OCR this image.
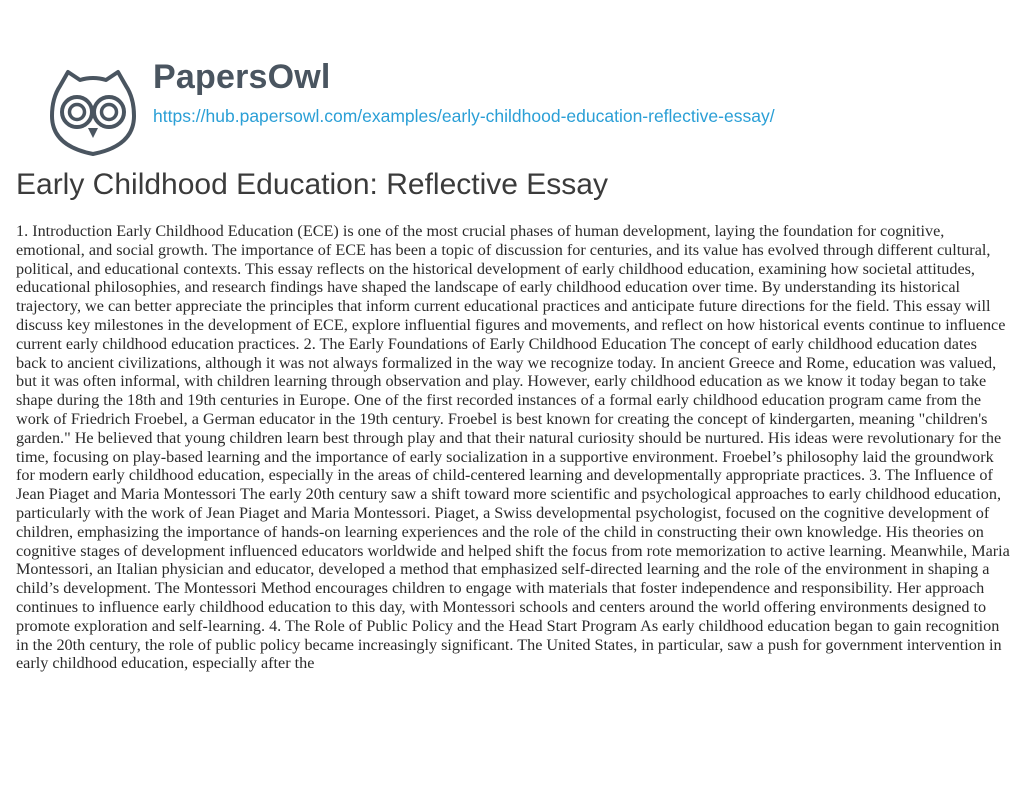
PapersOwl
https://hub.papersowl.com/examples/early-childhood-education-reflective-essay/
Early Childhood Education: Reflective Essay

1. Introduction Early Childhood Education (ECE) is one of the most crucial phases of human development, laying the foundation for cognitive, emotional, and social growth. The importance of ECE has been a topic of discussion for centuries, and its value has evolved through different cultural, political, and educational contexts. This essay reflects on the historical development of early childhood education, examining how societal attitudes, educational philosophies, and research findings have shaped the landscape of early childhood education over time. By understanding its historical trajectory, we can better appreciate the principles that inform current educational practices and anticipate future directions for the field. This essay will discuss key milestones in the development of ECE, explore influential figures and movements, and reflect on how historical events continue to influence current early childhood education practices. 2. The Early Foundations of Early Childhood Education The concept of early childhood education dates back to ancient civilizations, although it was not always formalized in the way we recognize today. In ancient Greece and Rome, education was valued, but it was often informal, with children learning through observation and play. However, early childhood education as we know it today began to take shape during the 18th and 19th centuries in Europe. One of the first recorded instances of a formal early childhood education program came from the work of Friedrich Froebel, a German educator in the 19th century. Froebel is best known for creating the concept of kindergarten, meaning "children's garden." He believed that young children learn best through play and that their natural curiosity should be nurtured. His ideas were revolutionary for the time, focusing on play-based learning and the importance of early socialization in a supportive environment. Froebel’s philosophy laid the groundwork for modern early childhood education, especially in the areas of child-centered learning and developmentally appropriate practices. 3. The Influence of Jean Piaget and Maria Montessori The early 20th century saw a shift toward more scientific and psychological approaches to early childhood education, particularly with the work of Jean Piaget and Maria Montessori. Piaget, a Swiss developmental psychologist, focused on the cognitive development of children, emphasizing the importance of hands-on learning experiences and the role of the child in constructing their own knowledge. His theories on cognitive stages of development influenced educators worldwide and helped shift the focus from rote memorization to active learning. Meanwhile, Maria Montessori, an Italian physician and educator, developed a method that emphasized self-directed learning and the role of the environment in shaping a child’s development. The Montessori Method encourages children to engage with materials that foster independence and responsibility. Her approach continues to influence early childhood education to this day, with Montessori schools and centers around the world offering environments designed to promote exploration and self-learning. 4. The Role of Public Policy and the Head Start Program As early childhood education began to gain recognition in the 20th century, the role of public policy became increasingly significant. The United States, in particular, saw a push for government intervention in early childhood education, especially after the
